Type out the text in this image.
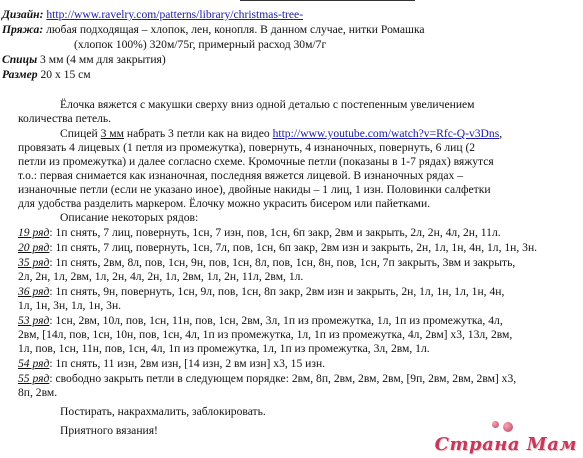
Дизайн: http://www.ravelry.com/patterns/library/christmas-tree-
Пряжа: любая подходящая – хлопок, лен, конопля. В данном случае, нитки Ромашка
(хлопок 100%) 320м/75г, примерный расход 30м/7г
Спицы 3 мм (4 мм для закрытия)
Размер 20 х 15 см
Ёлочка вяжется с макушки сверху вниз одной деталью с постепенным увеличением
количества петель.
Спицей 3 мм набрать 3 петли как на видео http://www.youtube.com/watch?v=Rfc-Q-v3Dns,
провязать 4 лицевых (1 петля из промежутка), повернуть, 4 изнаночных, повернуть, 6 лиц (2
петли из промежутка) и далее согласно схеме. Кромочные петли (показаны в 1-7 рядах) вяжутся
т.о.: первая снимается как изнаночная, последняя вяжется лицевой. В изнаночных рядах –
изнаночные петли (если не указано иное), двойные накиды – 1 лиц, 1 изн. Половинки салфетки
для удобства разделить маркером. Ёлочку можно украсить бисером или пайетками.
Описание некоторых рядов:
19 ряд: 1п снять, 7 лиц, повернуть, 1сн, 7 изн, пов, 1сн, 6п закр, 2вм и закрыть, 2л, 2н, 4л, 2н, 11л.
20 ряд: 1п снять, 7 лиц, повернуть, 1сн, 7л, пов, 1сн, 6п закр, 2вм изн и закрыть, 2н, 1л, 1н, 4н, 1л, 1н, 3н.
35 ряд: 1п снять, 2вм, 8л, пов, 1сн, 9н, пов, 1сн, 8л, пов, 1сн, 8н, пов, 1сн, 7п закрыть, 3вм и закрыть,
2л, 2н, 1л, 2вм, 1л, 2н, 4л, 2н, 1л, 2вм, 1л, 2н, 11л, 2вм, 1л.
36 ряд: 1п снять, 9н, повернуть, 1сн, 9л, пов, 1сн, 8п закр, 2вм изн и закрыть, 2н, 1л, 1н, 1л, 1н, 4н,
1л, 1н, 3н, 1л, 1н, 3н.
53 ряд: 1сн, 2вм, 10л, пов, 1сн, 11н, пов, 1сн, 2вм, 3л, 1п из промежутка, 1л, 1п из промежутка, 4л,
2вм, [14л, пов, 1сн, 10н, пов, 1сн, 4л, 1п из промежутка, 1л, 1п из промежутка, 4л, 2вм] х3, 13л, 2вм,
1л, пов, 1сн, 11н, пов, 1сн, 4л, 1п из промежутка, 1л, 1п из промежутка, 3л, 2вм, 1л.
54 ряд: 1п снять, 11 изн, 2вм изн, [14 изн, 2 вм изн] х3, 15 изн.
55 ряд: свободно закрыть петли в следующем порядке: 2вм, 8п, 2вм, 2вм, 2вм, [9п, 2вм, 2вм, 2вм] х3,
8п, 2вм.
Постирать, накрахмалить, заблокировать.
Приятного вязания!
Страна Мам
